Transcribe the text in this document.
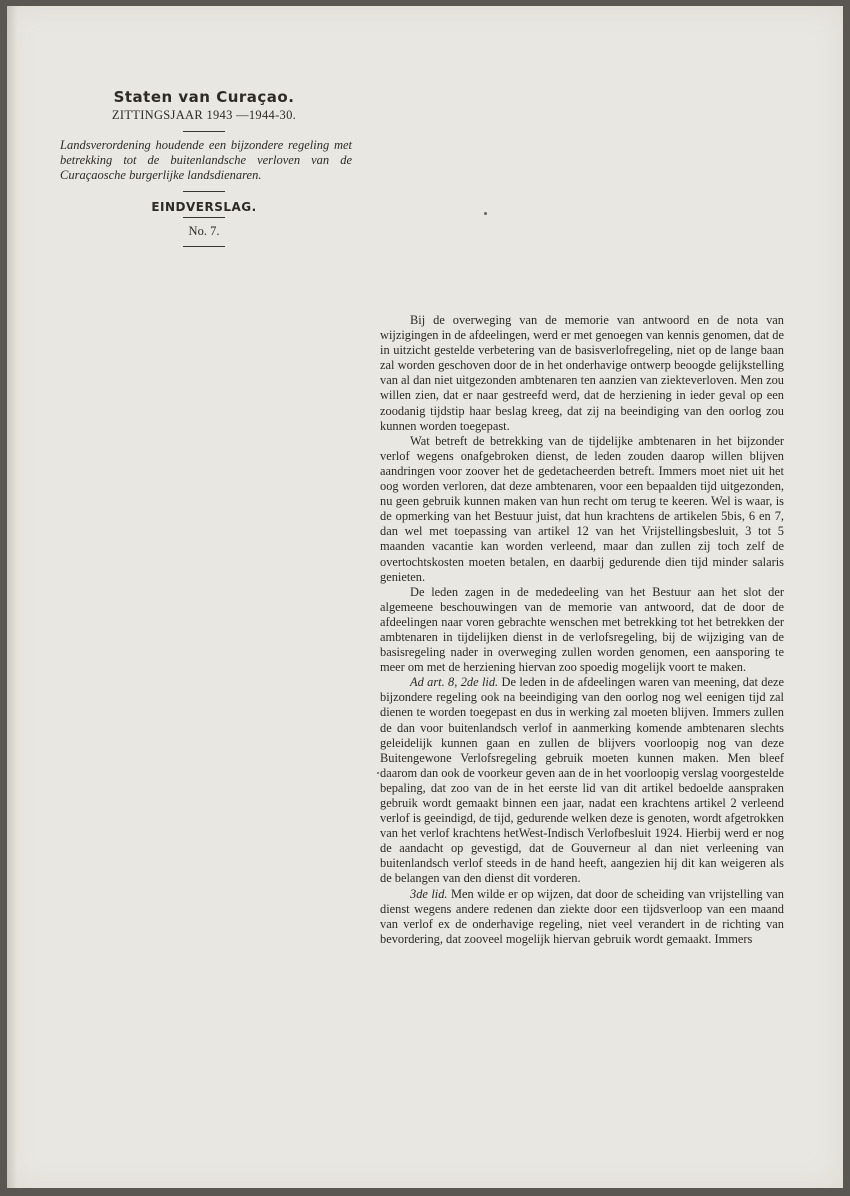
Staten van Curaçao.
ZITTINGSJAAR 1943 —1944-30.
Landsverordening houdende een bijzondere regeling met betrekking tot de buitenlandsche verloven van de Curaçaosche burgerlijke landsdienaren.
EINDVERSLAG.
No. 7.

Bij de overweging van de memorie van antwoord en de nota van wijzigingen in de afdeelingen, werd er met genoegen van kennis genomen, dat de in uitzicht gestelde verbetering van de basisverlofregeling, niet op de lange baan zal worden geschoven door de in het onderhavige ontwerp beoogde gelijkstelling van al dan niet uitgezonden ambtenaren ten aanzien van ziekteverloven. Men zou willen zien, dat er naar gestreefd werd, dat de herziening in ieder geval op een zoodanig tijdstip haar beslag kreeg, dat zij na beeindiging van den oorlog zou kunnen worden toegepast.

Wat betreft de betrekking van de tijdelijke ambtenaren in het bijzonder verlof wegens onafgebroken dienst, de leden zouden daarop willen blijven aandringen voor zoover het de gedetacheerden betreft. Immers moet niet uit het oog worden verloren, dat deze ambtenaren, voor een bepaalden tijd uitgezonden, nu geen gebruik kunnen maken van hun recht om terug te keeren. Wel is waar, is de opmerking van het Bestuur juist, dat hun krachtens de artikelen 5bis, 6 en 7, dan wel met toepassing van artikel 12 van het Vrijstellingsbesluit, 3 tot 5 maanden vacantie kan worden verleend, maar dan zullen zij toch zelf de overtochtskosten moeten betalen, en daarbij gedurende dien tijd minder salaris genieten.

De leden zagen in de mededeeling van het Bestuur aan het slot der algemeene beschouwingen van de memorie van antwoord, dat de door de afdeelingen naar voren gebrachte wenschen met betrekking tot het betrekken der ambtenaren in tijdelijken dienst in de verlofsregeling, bij de wijziging van de basisregeling nader in overweging zullen worden genomen, een aansporing te meer om met de herziening hiervan zoo spoedig mogelijk voort te maken.

Ad art. 8, 2de lid. De leden in de afdeelingen waren van meening, dat deze bijzondere regeling ook na beeindiging van den oorlog nog wel eenigen tijd zal dienen te worden toegepast en dus in werking zal moeten blijven. Immers zullen de dan voor buitenlandsch verlof in aanmerking komende ambtenaren slechts geleidelijk kunnen gaan en zullen de blijvers voorloopig nog van deze Buitengewone Verlofsregeling gebruik moeten kunnen maken. Men bleef daarom dan ook de voorkeur geven aan de in het voorloopig verslag voorgestelde bepaling, dat zoo van de in het eerste lid van dit artikel bedoelde aanspraken gebruik wordt gemaakt binnen een jaar, nadat een krachtens artikel 2 verleend verlof is geeindigd, de tijd, gedurende welken deze is genoten, wordt afgetrokken van het verlof krachtens hetWest-Indisch Verlofbesluit 1924. Hierbij werd er nog de aandacht op gevestigd, dat de Gouverneur al dan niet verleening van buitenlandsch verlof steeds in de hand heeft, aangezien hij dit kan weigeren als de belangen van den dienst dit vorderen.

3de lid. Men wilde er op wijzen, dat door de scheiding van vrijstelling van dienst wegens andere redenen dan ziekte door een tijdsverloop van een maand van verlof ex de onderhavige regeling, niet veel verandert in de richting van bevordering, dat zooveel mogelijk hiervan gebruik wordt gemaakt. Immers
